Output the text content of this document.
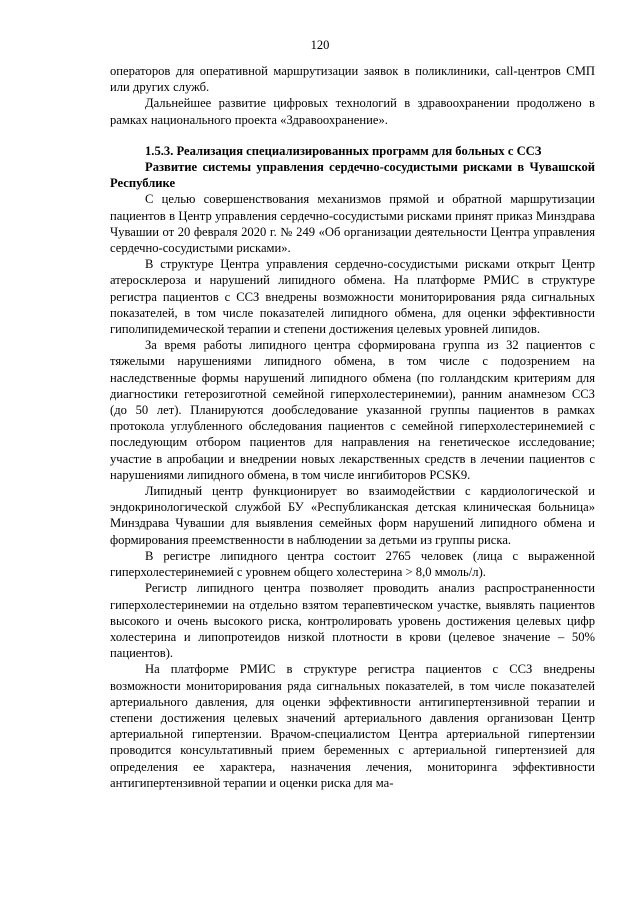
120

операторов для оперативной маршрутизации заявок в поликлиники, call-центров СМП или других служб.

Дальнейшее развитие цифровых технологий в здравоохранении продолжено в рамках национального проекта «Здравоохранение».

1.5.3. Реализация специализированных программ для больных с ССЗ

Развитие системы управления сердечно-сосудистыми рисками в Чувашской Республике

С целью совершенствования механизмов прямой и обратной маршрутизации пациентов в Центр управления сердечно-сосудистыми рисками принят приказ Минздрава Чувашии от 20 февраля 2020 г. № 249 «Об организации деятельности Центра управления сердечно-сосудистыми рисками».

В структуре Центра управления сердечно-сосудистыми рисками открыт Центр атеросклероза и нарушений липидного обмена. На платформе РМИС в структуре регистра пациентов с ССЗ внедрены возможности мониторирования ряда сигнальных показателей, в том числе показателей липидного обмена, для оценки эффективности гиполипидемической терапии и степени достижения целевых уровней липидов.

За время работы липидного центра сформирована группа из 32 пациентов с тяжелыми нарушениями липидного обмена, в том числе с подозрением на наследственные формы нарушений липидного обмена (по голландским критериям для диагностики гетерозиготной семейной гиперхолестеринемии), ранним анамнезом ССЗ (до 50 лет). Планируются дообследование указанной группы пациентов в рамках протокола углубленного обследования пациентов с семейной гиперхолестеринемией с последующим отбором пациентов для направления на генетическое исследование; участие в апробации и внедрении новых лекарственных средств в лечении пациентов с нарушениями липидного обмена, в том числе ингибиторов PCSK9.

Липидный центр функционирует во взаимодействии с кардиологической и эндокринологической службой БУ «Республиканская детская клиническая больница» Минздрава Чувашии для выявления семейных форм нарушений липидного обмена и формирования преемственности в наблюдении за детьми из группы риска.

В регистре липидного центра состоит 2765 человек (лица с выраженной гиперхолестеринемией с уровнем общего холестерина > 8,0 ммоль/л).

Регистр липидного центра позволяет проводить анализ распространенности гиперхолестеринемии на отдельно взятом терапевтическом участке, выявлять пациентов высокого и очень высокого риска, контролировать уровень достижения целевых цифр холестерина и липопротеидов низкой плотности в крови (целевое значение – 50% пациентов).

На платформе РМИС в структуре регистра пациентов с ССЗ внедрены возможности мониторирования ряда сигнальных показателей, в том числе показателей артериального давления, для оценки эффективности антигипертензивной терапии и степени достижения целевых значений артериального давления организован Центр артериальной гипертензии. Врачом-специалистом Центра артериальной гипертензии проводится консультативный прием беременных с артериальной гипертензией для определения ее характера, назначения лечения, мониторинга эффективности антигипертензивной терапии и оценки риска для ма-
